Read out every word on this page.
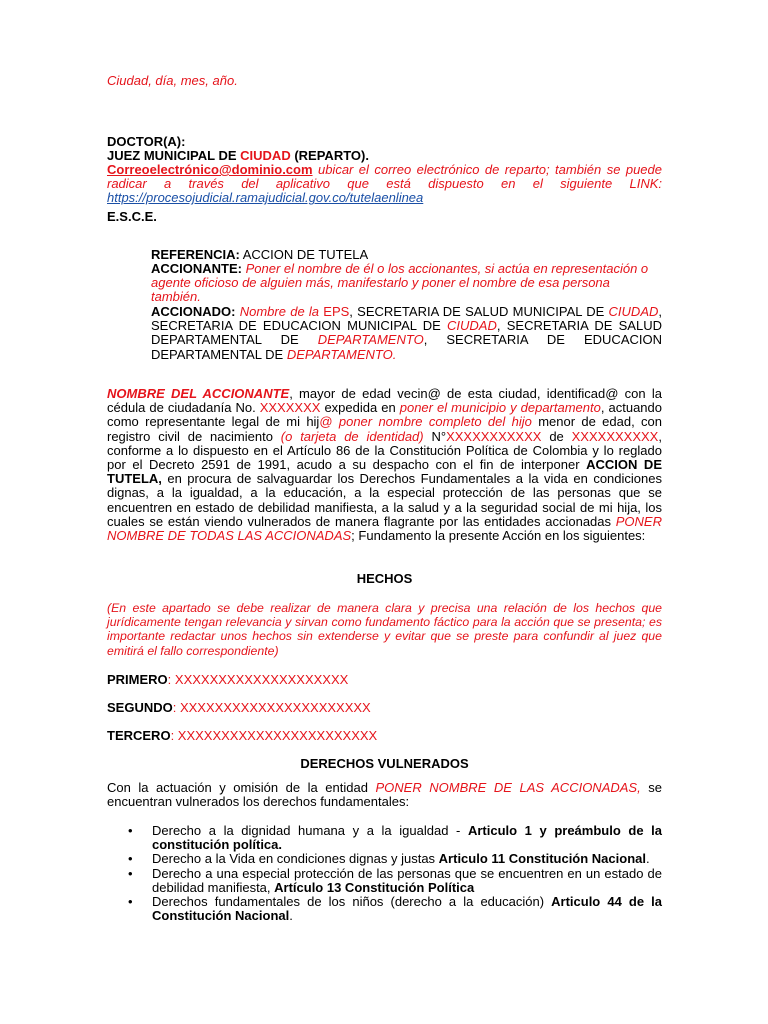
Ciudad, día, mes, año.
DOCTOR(A):
JUEZ MUNICIPAL DE CIUDAD (REPARTO).
Correoelectrónico@dominio.com ubicar el correo electrónico de reparto; también se puede radicar a través del aplicativo que está dispuesto en el siguiente LINK: https://procesojudicial.ramajudicial.gov.co/tutelaenlinea
E.S.C.E.
REFERENCIA: ACCION DE TUTELA
ACCIONANTE: Poner el nombre de él o los accionantes, si actúa en representación o agente oficioso de alguien más, manifestarlo y poner el nombre de esa persona también.
ACCIONADO: Nombre de la EPS, SECRETARIA DE SALUD MUNICIPAL DE CIUDAD, SECRETARIA DE EDUCACION MUNICIPAL DE CIUDAD, SECRETARIA DE SALUD DEPARTAMENTAL DE DEPARTAMENTO, SECRETARIA DE EDUCACION DEPARTAMENTAL DE DEPARTAMENTO.
NOMBRE DEL ACCIONANTE, mayor de edad vecin@ de esta ciudad, identificad@ con la cédula de ciudadanía No. XXXXXXX expedida en poner el municipio y departamento, actuando como representante legal de mi hij@ poner nombre completo del hijo menor de edad, con registro civil de nacimiento (o tarjeta de identidad) N°XXXXXXXXXXX de XXXXXXXXXX, conforme a lo dispuesto en el Artículo 86 de la Constitución Política de Colombia y lo reglado por el Decreto 2591 de 1991, acudo a su despacho con el fin de interponer ACCION DE TUTELA, en procura de salvaguardar los Derechos Fundamentales a la vida en condiciones dignas, a la igualdad, a la educación, a la especial protección de las personas que se encuentren en estado de debilidad manifiesta, a la salud y a la seguridad social de mi hija, los cuales se están viendo vulnerados de manera flagrante por las entidades accionadas PONER NOMBRE DE TODAS LAS ACCIONADAS; Fundamento la presente Acción en los siguientes:
HECHOS
(En este apartado se debe realizar de manera clara y precisa una relación de los hechos que jurídicamente tengan relevancia y sirvan como fundamento fáctico para la acción que se presenta; es importante redactar unos hechos sin extenderse y evitar que se preste para confundir al juez que emitirá el fallo correspondiente)
PRIMERO: XXXXXXXXXXXXXXXXXXXX
SEGUNDO: XXXXXXXXXXXXXXXXXXXXXX
TERCERO: XXXXXXXXXXXXXXXXXXXXXXX
DERECHOS VULNERADOS
Con la actuación y omisión de la entidad PONER NOMBRE DE LAS ACCIONADAS, se encuentran vulnerados los derechos fundamentales:
• Derecho a la dignidad humana y a la igualdad - Articulo 1 y preámbulo de la constitución política.
• Derecho a la Vida en condiciones dignas y justas Articulo 11 Constitución Nacional.
• Derecho a una especial protección de las personas que se encuentren en un estado de debilidad manifiesta, Artículo 13 Constitución Política
• Derechos fundamentales de los niños (derecho a la educación) Articulo 44 de la Constitución Nacional.
